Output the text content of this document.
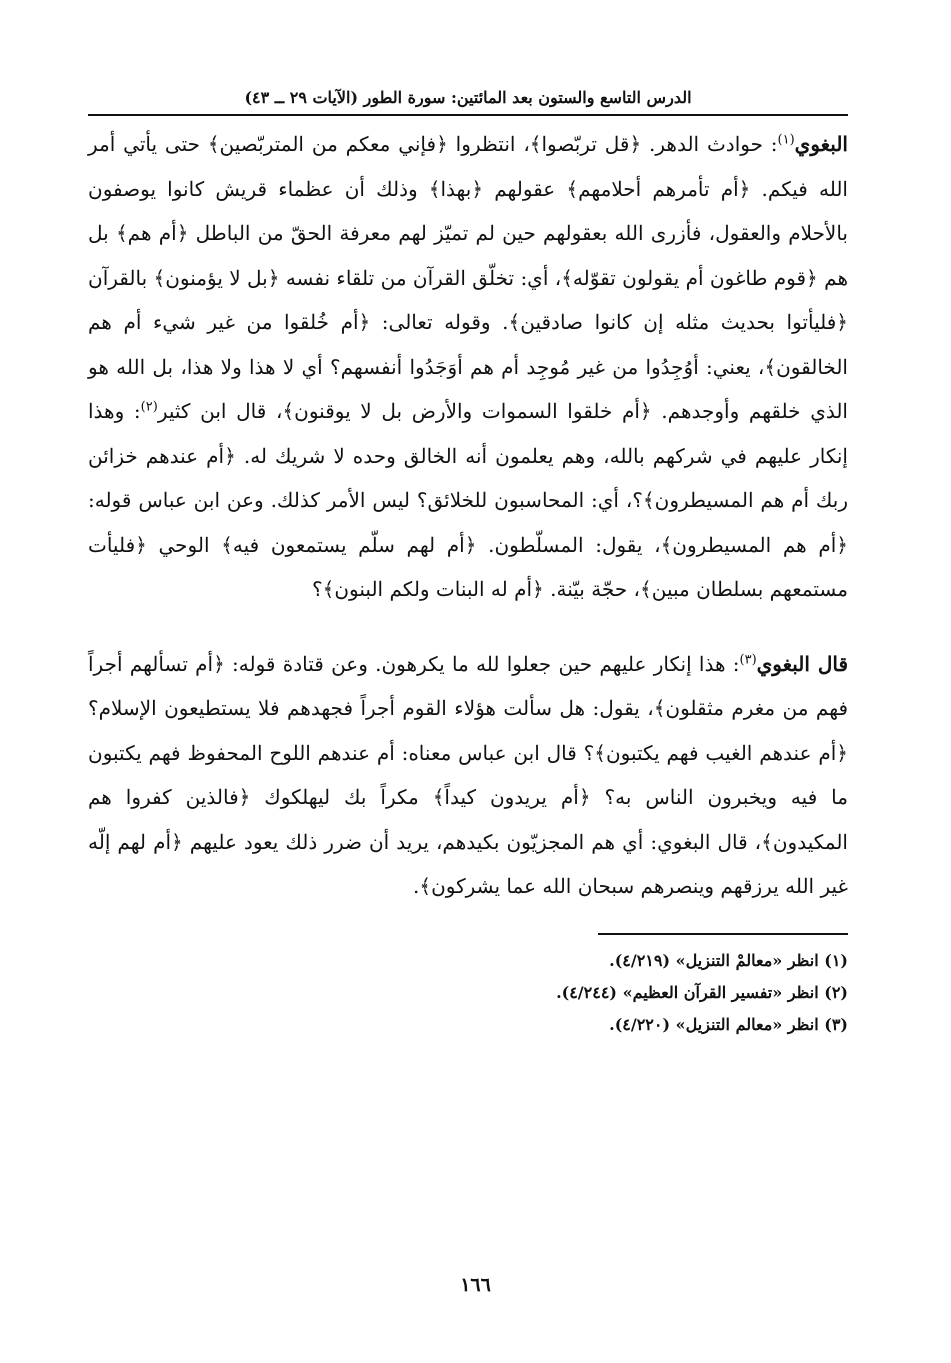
الدرس التاسع والستون بعد المائتين: سورة الطور (الآيات ٢٩ ــ ٤٣)

البغوي$^{(١)}$: حوادث الدهر. ﴿قل تربّصوا﴾، انتظروا ﴿فإني معكم من المتربّصين﴾ حتى يأتي أمر الله فيكم. ﴿أم تأمرهم أحلامهم﴾ عقولهم ﴿بهذا﴾ وذلك أن عظماء قريش كانوا يوصفون بالأحلام والعقول، فأزرى الله بعقولهم حين لم تميّز لهم معرفة الحقّ من الباطل ﴿أم هم﴾ بل هم ﴿قوم طاغون أم يقولون تقوّله﴾، أي: تخلّق القرآن من تلقاء نفسه ﴿بل لا يؤمنون﴾ بالقرآن ﴿فليأتوا بحديث مثله إن كانوا صادقين﴾. وقوله تعالى: ﴿أم خُلقوا من غير شيء أم هم الخالقون﴾، يعني: أوُجِدُوا من غير مُوجِد أم هم أوَجَدُوا أنفسهم؟ أي لا هذا ولا هذا، بل الله هو الذي خلقهم وأوجدهم. ﴿أم خلقوا السموات والأرض بل لا يوقنون﴾، قال ابن كثير$^{(٢)}$: وهذا إنكار عليهم في شركهم بالله، وهم يعلمون أنه الخالق وحده لا شريك له. ﴿أم عندهم خزائن ربك أم هم المسيطرون﴾؟، أي: المحاسبون للخلائق؟ ليس الأمر كذلك. وعن ابن عباس قوله: ﴿أم هم المسيطرون﴾، يقول: المسلّطون. ﴿أم لهم سلّم يستمعون فيه﴾ الوحي ﴿فليأت مستمعهم بسلطان مبين﴾، حجّة بيّنة. ﴿أم له البنات ولكم البنون﴾؟

قال البغوي$^{(٣)}$: هذا إنكار عليهم حين جعلوا لله ما يكرهون. وعن قتادة قوله: ﴿أم تسألهم أجراً فهم من مغرم مثقلون﴾، يقول: هل سألت هؤلاء القوم أجراً فجهدهم فلا يستطيعون الإسلام؟ ﴿أم عندهم الغيب فهم يكتبون﴾؟ قال ابن عباس معناه: أم عندهم اللوح المحفوظ فهم يكتبون ما فيه ويخبرون الناس به؟ ﴿أم يريدون كيداً﴾ مكراً بك ليهلكوك ﴿فالذين كفروا هم المكيدون﴾، قال البغوي: أي هم المجزيّون بكيدهم، يريد أن ضرر ذلك يعود عليهم ﴿أم لهم إلّه غير الله يرزقهم وينصرهم سبحان الله عما يشركون﴾.

(١) انظر «معالمْ التنزيل» (٤/٢١٩).
(٢) انظر «تفسير القرآن العظيم» (٤/٢٤٤).
(٣) انظر «معالم التنزيل» (٤/٢٢٠).
١٦٦
